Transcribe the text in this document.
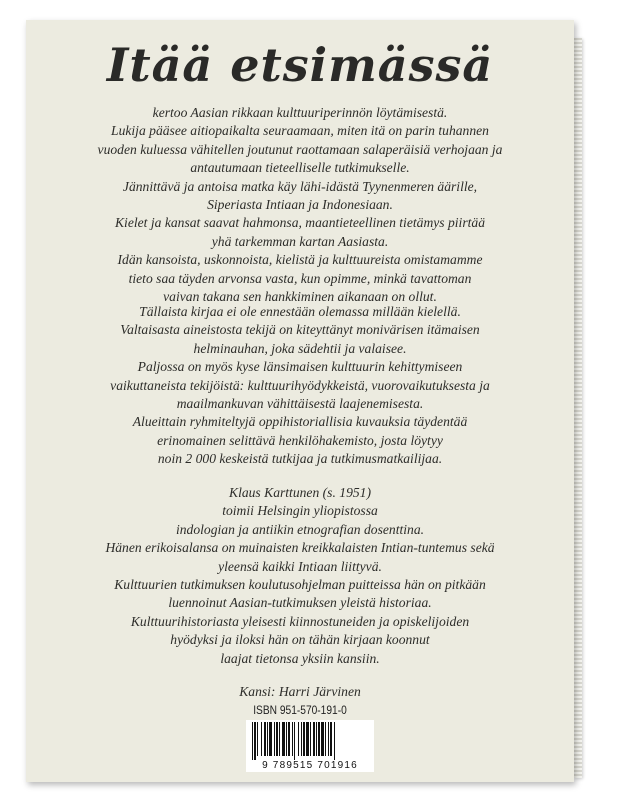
Itää etsimässä
kertoo Aasian rikkaan kulttuuriperinnön löytämisestä.
Lukija pääsee aitiopaikalta seuraamaan, miten itä on parin tuhannen
vuoden kuluessa vähitellen joutunut raottamaan salaperäisiä verhojaan ja
antautumaan tieteelliselle tutkimukselle.
Jännittävä ja antoisa matka käy lähi-idästä Tyynenmeren äärille,
Siperiasta Intiaan ja Indonesiaan.
Kielet ja kansat saavat hahmonsa, maantieteellinen tietämys piirtää
yhä tarkemman kartan Aasiasta.
Idän kansoista, uskonnoista, kielistä ja kulttuureista omistamamme
tieto saa täyden arvonsa vasta, kun opimme, minkä tavattoman
vaivan takana sen hankkiminen aikanaan on ollut.
Tällaista kirjaa ei ole ennestään olemassa millään kielellä.
Valtaisasta aineistosta tekijä on kiteyttänyt monivärisen itämaisen
helminauhan, joka sädehtii ja valaisee.
Paljossa on myös kyse länsimaisen kulttuurin kehittymiseen
vaikuttaneista tekijöistä: kulttuurihyödykkeistä, vuorovaikutuksesta ja
maailmankuvan vähittäisestä laajenemisesta.
Alueittain ryhmiteltyjä oppihistoriallisia kuvauksia täydentää
erinomainen selittävä henkilöhakemisto, josta löytyy
noin 2 000 keskeistä tutkijaa ja tutkimusmatkailijaa.
Klaus Karttunen (s. 1951)
toimii Helsingin yliopistossa
indologian ja antiikin etnografian dosenttina.
Hänen erikoisalansa on muinaisten kreikkalaisten Intian-tuntemus sekä
yleensä kaikki Intiaan liittyvä.
Kulttuurien tutkimuksen koulutusohjelman puitteissa hän on pitkään
luennoinut Aasian-tutkimuksen yleistä historiaa.
Kulttuurihistoriasta yleisesti kiinnostuneiden ja opiskelijoiden
hyödyksi ja iloksi hän on tähän kirjaan koonnut
laajat tietonsa yksiin kansiin.
Kansi: Harri Järvinen
ISBN 951-570-191-0
9 789515 701916
